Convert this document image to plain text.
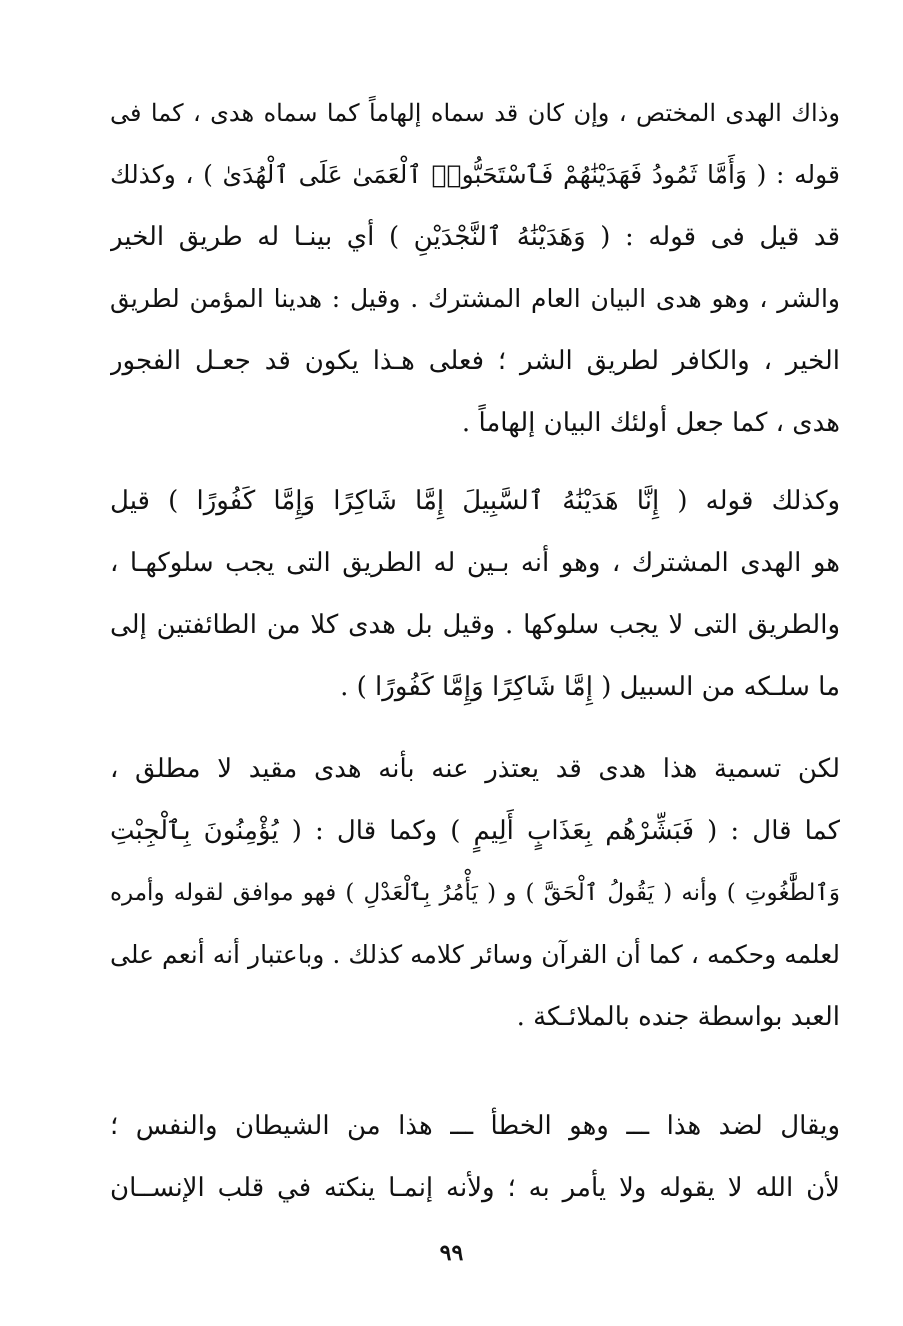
وذاك الهدى المختص ، وإن كان قد سماه إلهاماً كما سماه هدى ، كما فى
قوله : ( وَأَمَّا ثَمُودُ فَهَدَيْنَٰهُمْ فَٱسْتَحَبُّوا۟ ٱلْعَمَىٰ عَلَى ٱلْهُدَىٰ ) ، وكذلك
قد قيل فى قوله : ( وَهَدَيْنَٰهُ ٱلنَّجْدَيْنِ ) أي بينـا له طريق الخير
والشر ، وهو هدى البيان العام المشترك . وقيل : هدينا المؤمن لطريق
الخير ، والكافر لطريق الشر ؛ فعلى هـذا يكون قد جعـل الفجور
هدى ، كما جعل أولئك البيان إلهاماً .
وكذلك قوله ( إِنَّا هَدَيْنَٰهُ ٱلسَّبِيلَ إِمَّا شَاكِرًا وَإِمَّا كَفُورًا ) قيل
هو الهدى المشترك ، وهو أنه بـين له الطريق التى يجب سلوكهـا ،
والطريق التى لا يجب سلوكها . وقيل بل هدى كلا من الطائفتين إلى
ما سلـكه من السبيل ( إِمَّا شَاكِرًا وَإِمَّا كَفُورًا ) .
لكن تسمية هذا هدى قد يعتذر عنه بأنه هدى مقيد لا مطلق ،
كما قال : ( فَبَشِّرْهُم بِعَذَابٍ أَلِيمٍ ) وكما قال : ( يُؤْمِنُونَ بِٱلْجِبْتِ
وَٱلطَّٰغُوتِ ) وأنه ( يَقُولُ ٱلْحَقَّ ) و ( يَأْمُرُ بِٱلْعَدْلِ ) فهو موافق لقوله وأمره
لعلمه وحكمه ، كما أن القرآن وسائر كلامه كذلك . وباعتبار أنه أنعم على
العبد بواسطة جنده بالملائـكة .
ويقال لضد هذا ـــ وهو الخطأ ـــ هذا من الشيطان والنفس ؛
لأن الله لا يقوله ولا يأمر به ؛ ولأنه إنمـا ينكته في قلب الإنســان
٩٩
